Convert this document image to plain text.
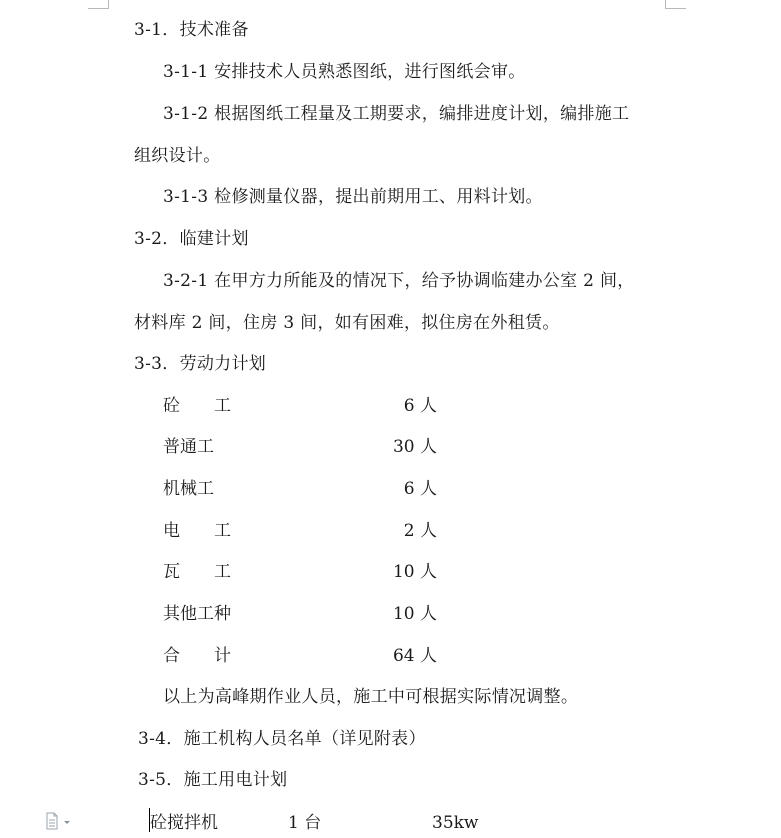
3-1．技术准备
3-1-1 安排技术人员熟悉图纸，进行图纸会审。
3-1-2 根据图纸工程量及工期要求，编排进度计划，编排施工
组织设计。
3-1-3 检修测量仪器，提出前期用工、用料计划。
3-2．临建计划
3-2-1 在甲方力所能及的情况下，给予协调临建办公室 2 间，
材料库 2 间，住房 3 间，如有困难，拟住房在外租赁。
3-3．劳动力计划
砼　　工	6 人
普通工	30 人
机械工	6 人
电　　工	2 人
瓦　　工	10 人
其他工种	10 人
合　　计	64 人
以上为高峰期作业人员，施工中可根据实际情况调整。
3-4．施工机构人员名单（详见附表）
3-5．施工用电计划
砼搅拌机	1 台	35kw
